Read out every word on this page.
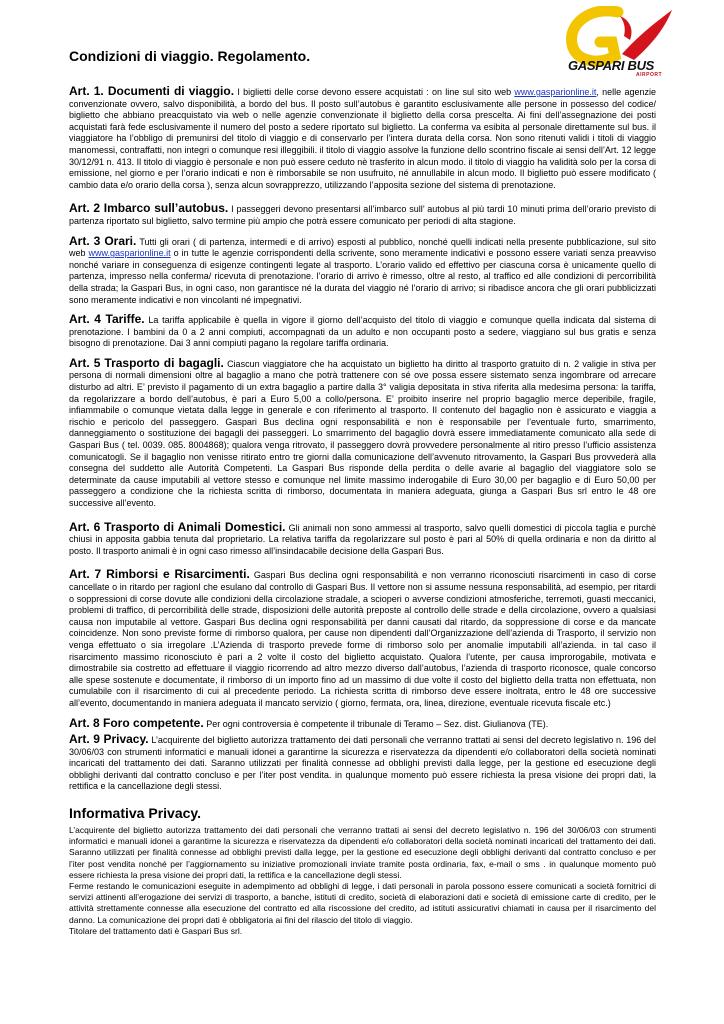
GASPARI BUS
AIRPORT
Condizioni di viaggio. Regolamento.

Art. 1. Documenti di viaggio. I biglietti delle corse devono essere acquistati : on line sul sito web www.gasparionline.it, nelle agenzie convenzionate ovvero, salvo disponibilità, a bordo del bus. Il posto sull’autobus è garantito esclusivamente alle persone in possesso del codice/ biglietto che abbiano preacquistato via web o nelle agenzie convenzionate il biglietto della corsa prescelta. Ai fini dell’assegnazione dei posti acquistati farà fede esclusivamente il numero del posto a sedere riportato sul biglietto. La conferma va esibita al personale direttamente sul bus. il viaggiatore ha l’obbligo di premunirsi del titolo di viaggio e di conservarlo per l’intera durata della corsa. Non sono ritenuti validi i titoli di viaggio manomessi, contraffatti, non integri o comunque resi illeggibili. il titolo di viaggio assolve la funzione dello scontrino fiscale ai sensi dell’Art. 12 legge 30/12/91 n. 413. Il titolo di viaggio è personale e non può essere ceduto nè trasferito in alcun modo. il titolo di viaggio ha validità solo per la corsa di emissione, nel giorno e per l’orario indicati e non è rimborsabile se non usufruito, né annullabile in alcun modo. Il biglietto può essere modificato ( cambio data e/o orario della corsa ), senza alcun sovrapprezzo, utilizzando l’apposita sezione del sistema di prenotazione.

Art. 2 Imbarco sull’autobus. I passeggeri devono presentarsi all’imbarco sull’ autobus al più tardi 10 minuti prima dell’orario previsto di partenza riportato sul biglietto, salvo termine più ampio che potrà essere comunicato per periodi di alta stagione.

Art. 3 Orari. Tutti gli orari ( di partenza, intermedi e di arrivo) esposti al pubblico, nonché quelli indicati nella presente pubblicazione, sul sito web www.gasparionline.it o in tutte le agenzie corrispondenti della scrivente, sono meramente indicativi e possono essere variati senza preavviso nonché variare in conseguenza di esigenze contingenti legate al trasporto. L’orario valido ed effettivo per ciascuna corsa è unicamente quello di partenza, impresso nella conferma/ ricevuta di prenotazione. l’orario di arrivo è rimesso, oltre al resto, al traffico ed alle condizioni di percorribilità della strada; la Gaspari Bus, in ogni caso, non garantisce né la durata del viaggio né l’orario di arrivo; si ribadisce ancora che gli orari pubblicizzati sono meramente indicativi e non vincolanti né impegnativi.

Art. 4 Tariffe. La tariffa applicabile è quella in vigore il giorno dell’acquisto del titolo di viaggio e comunque quella indicata dal sistema di prenotazione. I bambini da 0 a 2 anni compiuti, accompagnati da un adulto e non occupanti posto a sedere, viaggiano sul bus gratis e senza bisogno di prenotazione. Dai 3 anni compiuti pagano la regolare tariffa ordinaria.

Art. 5 Trasporto di bagagli. Ciascun viaggiatore che ha acquistato un biglietto ha diritto al trasporto gratuito di n. 2 valigie in stiva per persona di normali dimensioni oltre al bagaglio a mano che potrà trattenere con sé ove possa essere sistemato senza ingombrare od arrecare disturbo ad altri. E’ previsto il pagamento di un extra bagaglio a partire dalla 3° valigia depositata in stiva riferita alla medesima persona: la tariffa, da regolarizzare a bordo dell’autobus, è pari a Euro 5,00 a collo/persona. E’ proibito inserire nel proprio bagaglio merce deperibile, fragile, infiammabile o comunque vietata dalla legge in generale e con riferimento al trasporto. Il contenuto del bagaglio non è assicurato e viaggia a rischio e pericolo del passeggero. Gaspari Bus declina ogni responsabilità e non è responsabile per l’eventuale furto, smarrimento, danneggiamento o sostituzione dei bagagli dei passeggeri. Lo smarrimento del bagaglio dovrà essere immediatamente comunicato alla sede di Gaspari Bus ( tel. 0039. 085. 8004868); qualora venga ritrovato, il passeggero dovrà provvedere personalmente al ritiro presso l’ufficio assistenza comunicatogli. Se il bagaglio non venisse ritirato entro tre giorni dalla comunicazione dell’avvenuto ritrovamento, la Gaspari Bus provvederà alla consegna del suddetto alle Autorità Competenti. La Gaspari Bus risponde della perdita o delle avarie al bagaglio del viaggiatore solo se determinate da cause imputabili al vettore stesso e comunque nel limite massimo inderogabile di Euro 30,00 per bagaglio e di Euro 50,00 per passeggero a condizione che la richiesta scritta di rimborso, documentata in maniera adeguata, giunga a Gaspari Bus srl entro le 48 ore successive all’evento.

Art. 6 Trasporto di Animali Domestici. Gli animali non sono ammessi al trasporto, salvo quelli domestici di piccola taglia e purchè chiusi in apposita gabbia tenuta dal proprietario. La relativa tariffa da regolarizzare sul posto è pari al 50% di quella ordinaria e non da diritto al posto. Il trasporto animali è in ogni caso rimesso all’insindacabile decisione della Gaspari Bus.

Art. 7 Rimborsi e Risarcimenti. Gaspari Bus declina ogni responsabilità e non verranno riconosciuti risarcimenti in caso di corse cancellate o in ritardo per ragionI che esulano dal controllo di Gaspari Bus. Il vettore non si assume nessuna responsabilità, ad esempio, per ritardi o soppressioni di corse dovute alle condizioni della circolazione stradale, a scioperi o avverse condizioni atmosferiche, terremoti, guasti meccanici, problemi di traffico, di percorribilità delle strade, disposizioni delle autorità preposte al controllo delle strade e della circolazione, ovvero a qualsiasi causa non imputabile al vettore. Gaspari Bus declina ogni responsabilità per danni causati dal ritardo, da soppressione di corse e da mancate coincidenze. Non sono previste forme di rimborso qualora, per cause non dipendenti dall’Organizzazione dell’azienda di Trasporto, il servizio non venga effettuato o sia irregolare .L’Azienda di trasporto prevede forme di rimborso solo per anomalie imputabili all’azienda. in tal caso il risarcimento massimo riconosciuto è pari a 2 volte il costo del biglietto acquistato. Qualora l’utente, per causa improrogabile, motivata e dimostrabile sia costretto ad effettuare il viaggio ricorrendo ad altro mezzo diverso dall’autobus, l’azienda di trasporto riconosce, quale concorso alle spese sostenute e documentate, il rimborso di un importo fino ad un massimo di due volte il costo del biglietto della tratta non effettuata, non cumulabile con il risarcimento di cui al precedente periodo. La richiesta scritta di rimborso deve essere inoltrata, entro le 48 ore successive all’evento, documentando in maniera adeguata il mancato servizio ( giorno, fermata, ora, linea, direzione, eventuale ricevuta fiscale etc.)

Art. 8 Foro competente. Per ogni controversia è competente il tribunale di Teramo – Sez. dist. Giulianova (TE).

Art. 9 Privacy. L’acquirente del biglietto autorizza trattamento dei dati personali che verranno trattati ai sensi del decreto legislativo n. 196 del 30/06/03 con strumenti informatici e manuali idonei a garantirne la sicurezza e riservatezza da dipendenti e/o collaboratori della società nominati incaricati del trattamento dei dati. Saranno utilizzati per finalità connesse ad obblighi previsti dalla legge, per la gestione ed esecuzione degli obblighi derivanti dal contratto concluso e per l’iter post vendita. in qualunque momento può essere richiesta la presa visione dei propri dati, la rettifica e la cancellazione degli stessi.

Informativa Privacy.

L’acquirente del biglietto autorizza trattamento dei dati personali che verranno trattati ai sensi del decreto legislativo n. 196 del 30/06/03 con strumenti informatici e manuali idonei a garantirne la sicurezza e riservatezza da dipendenti e/o collaboratori della società nominati incaricati del trattamento dei dati. Saranno utilizzati per finalità connesse ad obblighi previsti dalla legge, per la gestione ed esecuzione degli obblighi derivanti dal contratto concluso e per l’iter post vendita nonché per l’aggiornamento su iniziative promozionali inviate tramite posta ordinaria, fax, e-mail o sms . in qualunque momento può essere richiesta la presa visione dei propri dati, la rettifica e la cancellazione degli stessi.

Ferme restando le comunicazioni eseguite in adempimento ad obblighi di legge, i dati personali in parola possono essere comunicati a società fornitrici di servizi attinenti all’erogazione dei servizi di trasporto, a banche, istituti di credito, società di elaborazioni dati e società di emissione carte di credito, per le attività strettamente connesse alla esecuzione del contratto ed alla riscossione del credito, ad istituti assicurativi chiamati in causa per il risarcimento del danno. La comunicazione dei propri dati è obbligatoria ai fini del rilascio del titolo di viaggio.

Titolare del trattamento dati è Gaspari Bus srl.
